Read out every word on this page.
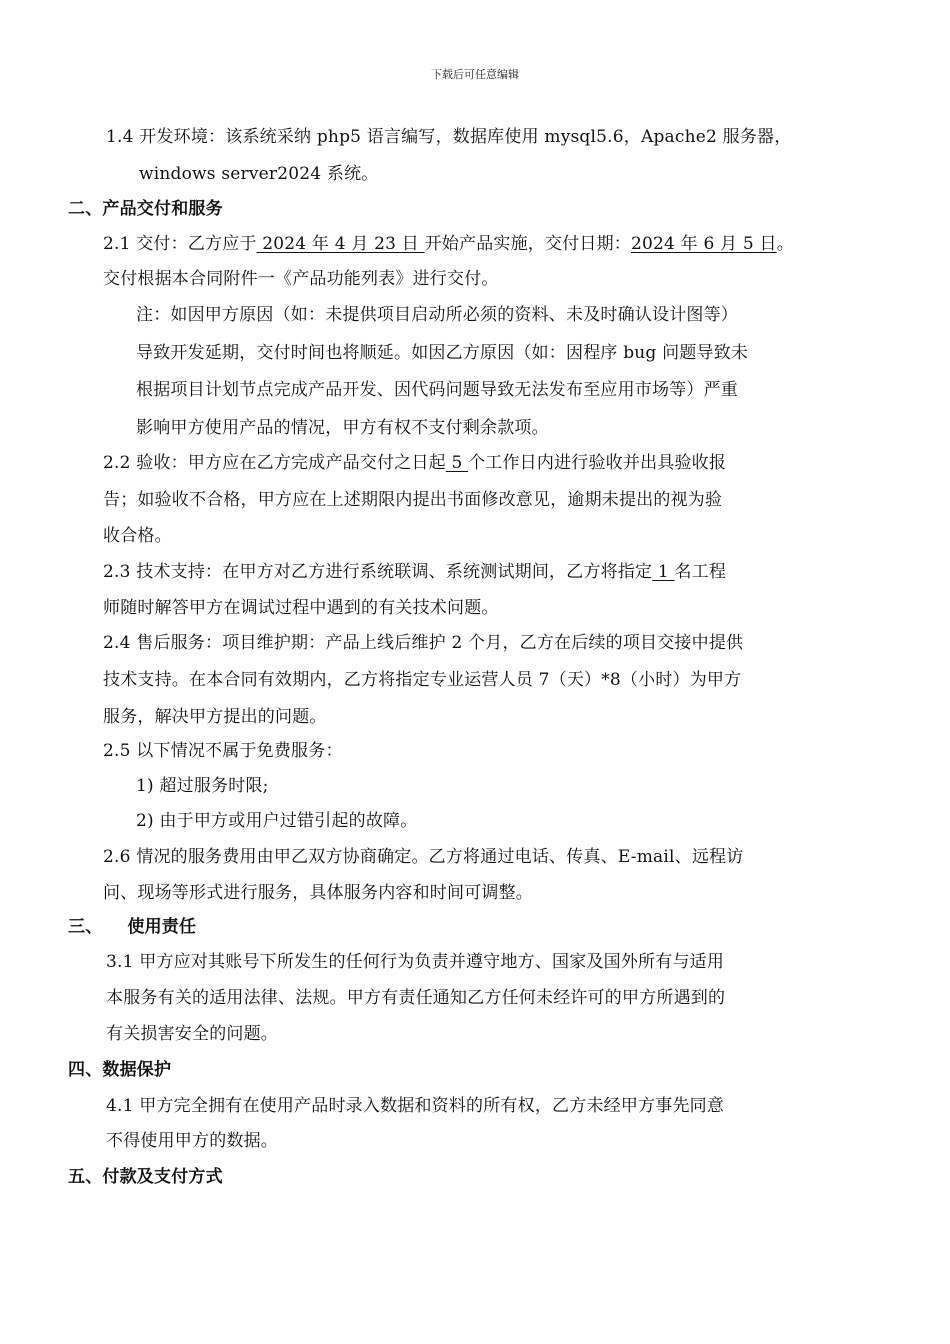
下载后可任意编辑
1.4 开发环境：该系统采纳 php5 语言编写，数据库使用 mysql5.6，Apache2 服务器，
windows server2024 系统。
二、产品交付和服务
2.1 交付：乙方应于 2024 年 4 月 23 日 开始产品实施，交付日期：2024 年 6 月 5 日。
交付根据本合同附件一《产品功能列表》进行交付。
注：如因甲方原因（如：未提供项目启动所必须的资料、未及时确认设计图等）
导致开发延期，交付时间也将顺延。如因乙方原因（如：因程序 bug 问题导致未
根据项目计划节点完成产品开发、因代码问题导致无法发布至应用市场等）严重
影响甲方使用产品的情况，甲方有权不支付剩余款项。
2.2 验收：甲方应在乙方完成产品交付之日起 5 个工作日内进行验收并出具验收报
告；如验收不合格，甲方应在上述期限内提出书面修改意见，逾期未提出的视为验
收合格。
2.3 技术支持：在甲方对乙方进行系统联调、系统测试期间，乙方将指定 1 名工程
师随时解答甲方在调试过程中遇到的有关技术问题。
2.4 售后服务：项目维护期：产品上线后维护 2 个月，乙方在后续的项目交接中提供
技术支持。在本合同有效期内，乙方将指定专业运营人员 7（天）*8（小时）为甲方
服务，解决甲方提出的问题。
2.5 以下情况不属于免费服务：
1) 超过服务时限;
2) 由于甲方或用户过错引起的故障。
2.6 情况的服务费用由甲乙双方协商确定。乙方将通过电话、传真、E-mail、远程访
问、现场等形式进行服务，具体服务内容和时间可调整。
三、 使用责任
3.1 甲方应对其账号下所发生的任何行为负责并遵守地方、国家及国外所有与适用
本服务有关的适用法律、法规。甲方有责任通知乙方任何未经许可的甲方所遇到的
有关损害安全的问题。
四、数据保护
4.1 甲方完全拥有在使用产品时录入数据和资料的所有权，乙方未经甲方事先同意
不得使用甲方的数据。
五、付款及支付方式
